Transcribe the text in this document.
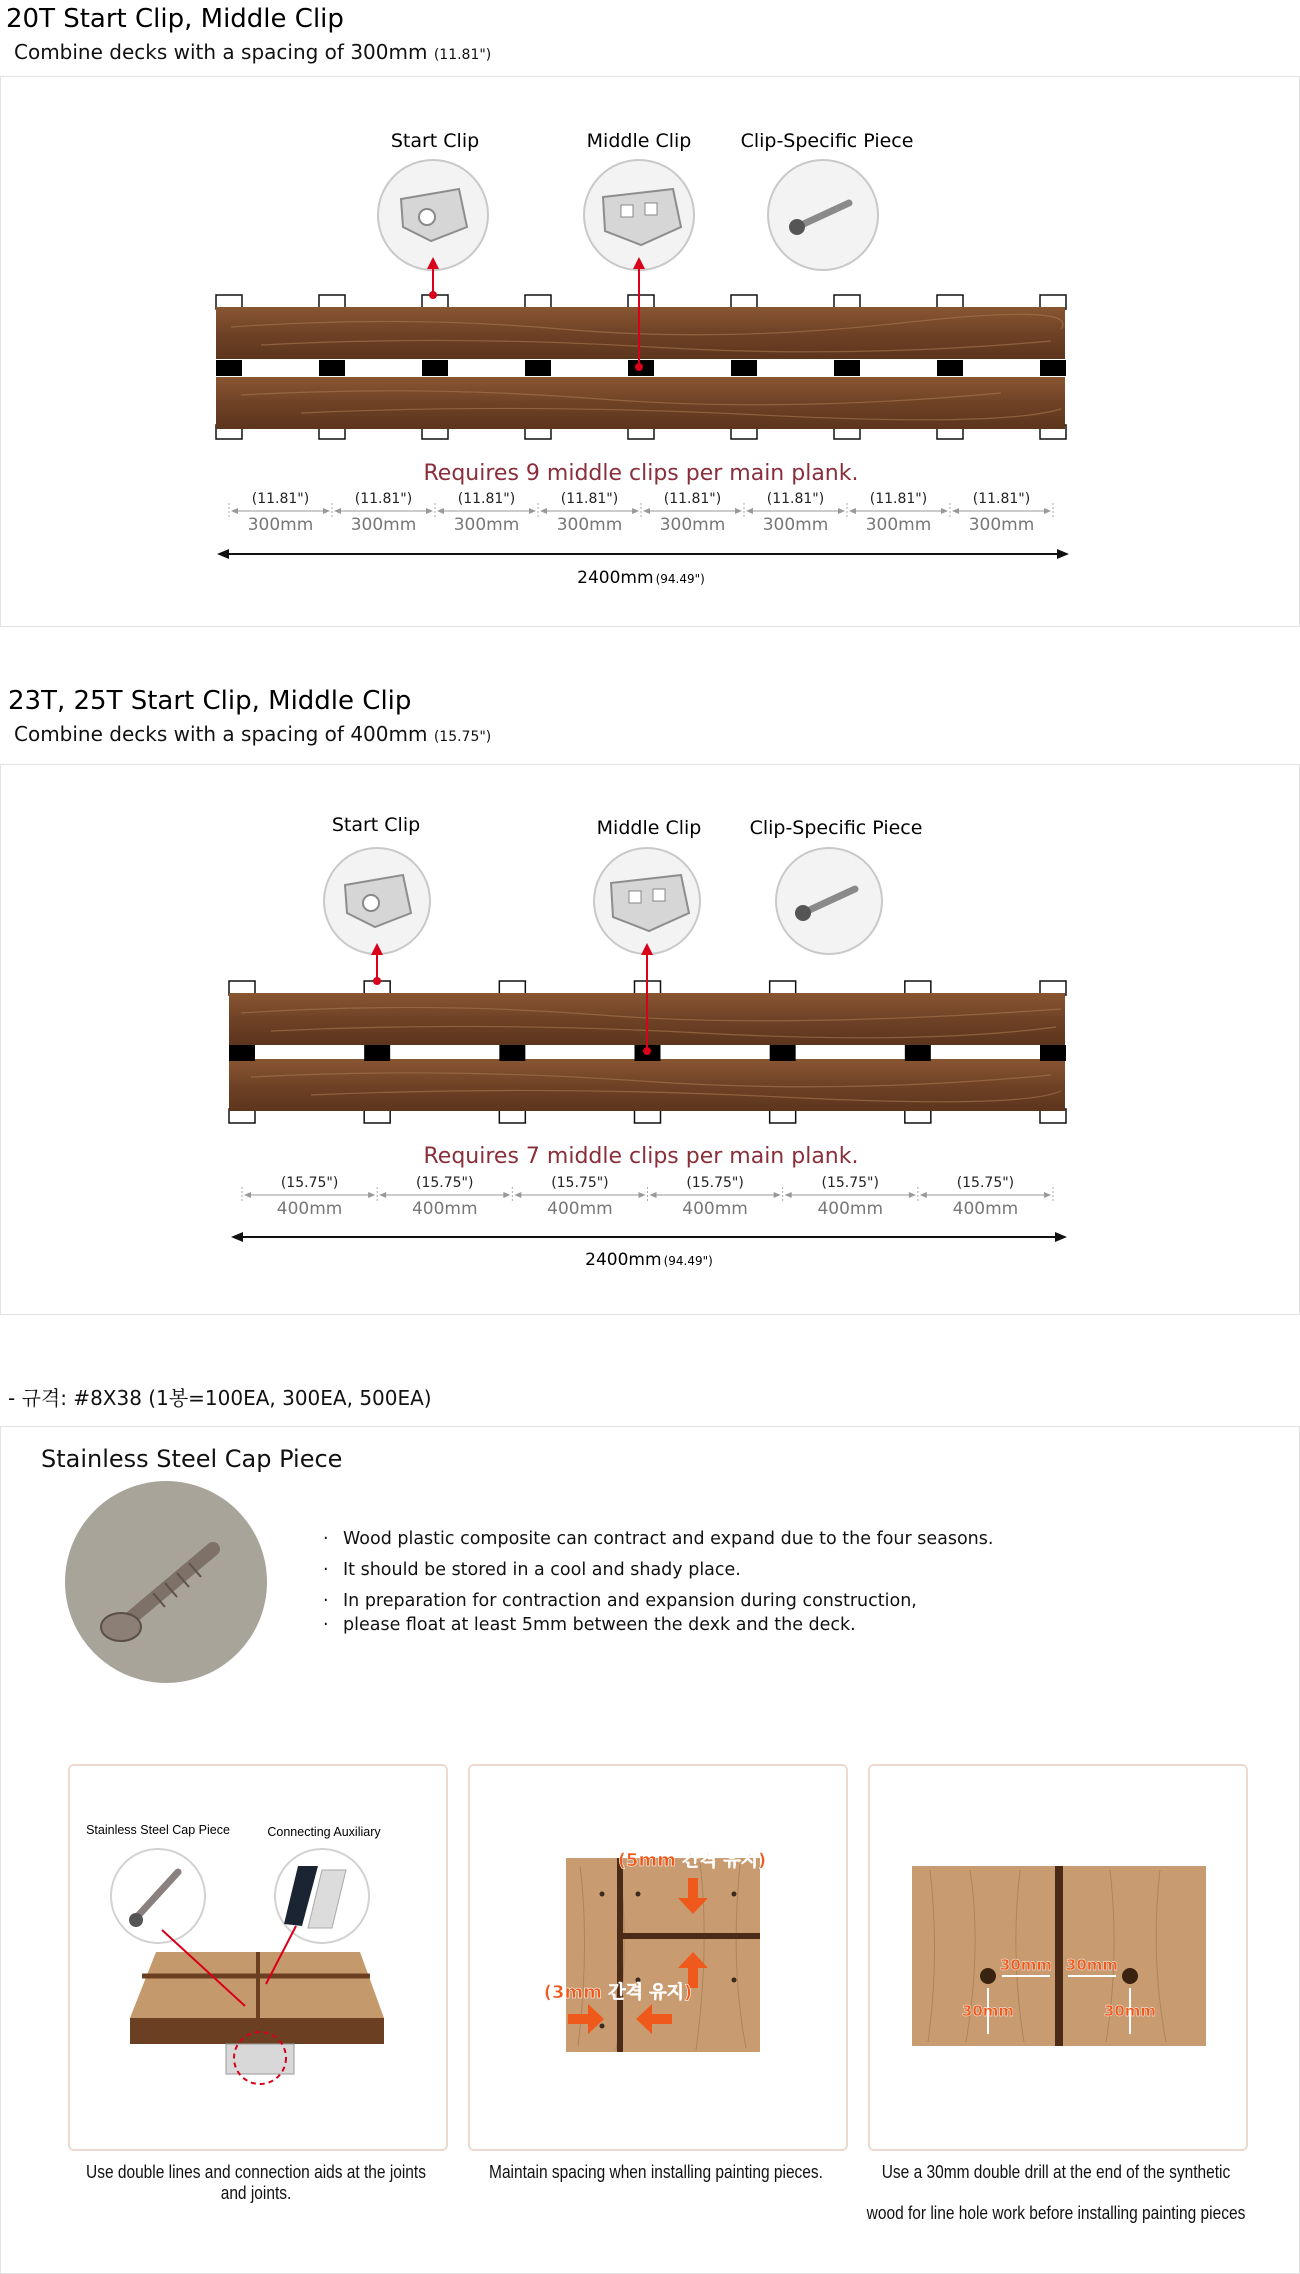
20T Start Clip, Middle Clip
Combine decks with a spacing of 300mm (11.81")
Start Clip	Middle Clip	Clip-Specific Piece
Requires 9 middle clips per main plank.
(11.81")
300mm
(11.81")
300mm
(11.81")
300mm
(11.81")
300mm
(11.81")
300mm
(11.81")
300mm
(11.81")
300mm
(11.81")
300mm
2400mm (94.49")
23T, 25T Start Clip, Middle Clip
Combine decks with a spacing of 400mm (15.75")
Start Clip	Middle Clip	Clip-Specific Piece
Requires 7 middle clips per main plank.
(15.75")
400mm
(15.75")
400mm
(15.75")
400mm
(15.75")
400mm
(15.75")
400mm
(15.75")
400mm
2400mm (94.49")
- 규격: #8X38 (1봉=100EA, 300EA, 500EA)
Stainless Steel Cap Piece
· Wood plastic composite can contract and expand due to the four seasons.
· It should be stored in a cool and shady place.
· In preparation for contraction and expansion during construction,
· please float at least 5mm between the dexk and the deck.
Stainless Steel Cap Piece	Connecting Auxiliary
(5mm 간격 유지)
(3mm 간격 유지)
30mm 30mm
30mm	30mm
Use double lines and connection aids at the joints and joints.
Maintain spacing when installing painting pieces.	Use a 30mm double drill at the end of the synthetic
wood for line hole work before installing painting pieces
